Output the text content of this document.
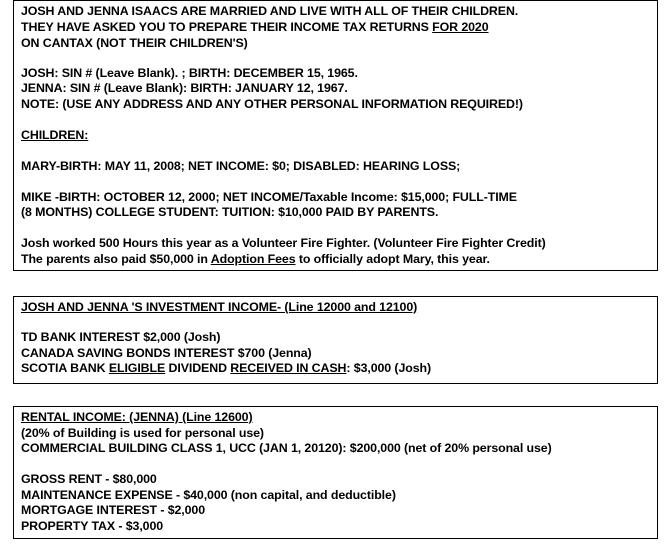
JOSH AND JENNA ISAACS ARE MARRIED AND LIVE WITH ALL OF THEIR CHILDREN.
THEY HAVE ASKED YOU TO PREPARE THEIR INCOME TAX RETURNS FOR 2020
ON CANTAX (NOT THEIR CHILDREN'S)
JOSH: SIN # (Leave Blank). ; BIRTH: DECEMBER 15, 1965.
JENNA: SIN # (Leave Blank): BIRTH: JANUARY 12, 1967.
NOTE: (USE ANY ADDRESS AND ANY OTHER PERSONAL INFORMATION REQUIRED!)
CHILDREN:
MARY-BIRTH: MAY 11, 2008; NET INCOME: $0; DISABLED: HEARING LOSS;
MIKE -BIRTH: OCTOBER 12, 2000; NET INCOME/Taxable Income: $15,000; FULL-TIME
(8 MONTHS) COLLEGE STUDENT: TUITION: $10,000 PAID BY PARENTS.
Josh worked 500 Hours this year as a Volunteer Fire Fighter. (Volunteer Fire Fighter Credit)
The parents also paid $50,000 in Adoption Fees to officially adopt Mary, this year.
JOSH AND JENNA 'S INVESTMENT INCOME- (Line 12000 and 12100)
TD BANK INTEREST $2,000 (Josh)
CANADA SAVING BONDS INTEREST $700 (Jenna)
SCOTIA BANK ELIGIBLE DIVIDEND RECEIVED IN CASH: $3,000 (Josh)
RENTAL INCOME: (JENNA) (Line 12600)
(20% of Building is used for personal use)
COMMERCIAL BUILDING CLASS 1, UCC (JAN 1, 20120): $200,000 (net of 20% personal use)
GROSS RENT - $80,000
MAINTENANCE EXPENSE - $40,000 (non capital, and deductible)
MORTGAGE INTEREST - $2,000
PROPERTY TAX - $3,000
